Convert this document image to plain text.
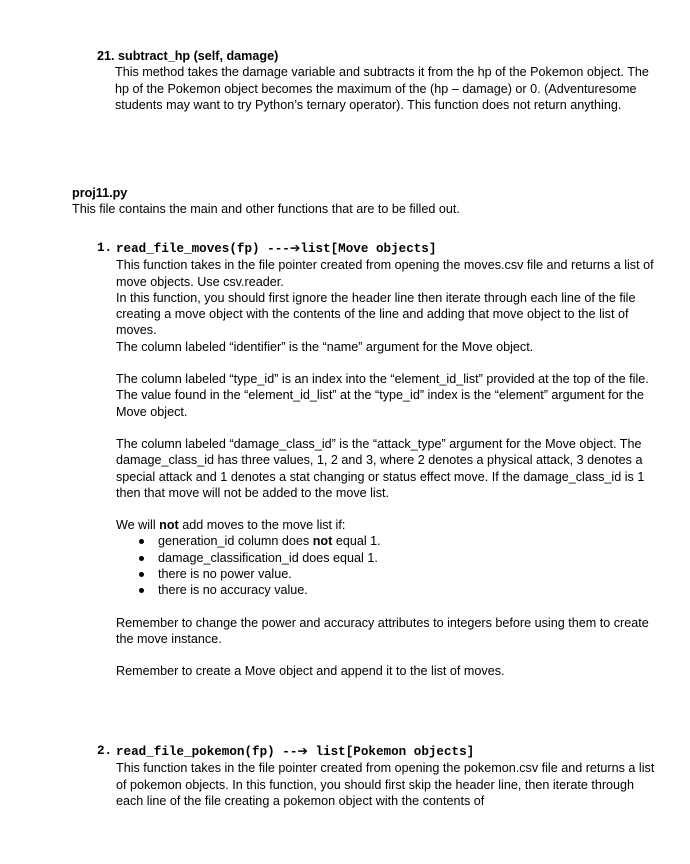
21. subtract_hp (self, damage)

This method takes the damage variable and subtracts it from the hp of the Pokemon object. The hp of the Pokemon object becomes the maximum of the (hp – damage) or 0. (Adventuresome students may want to try Python’s ternary operator). This function does not return anything.

proj11.py
This file contains the main and other functions that are to be filled out.
1. read_file_moves(fp) ---➔list[Move objects]

This function takes in the file pointer created from opening the moves.csv file and returns a list of move objects. Use csv.reader.

In this function, you should first ignore the header line then iterate through each line of the file creating a move object with the contents of the line and adding that move object to the list of moves.

The column labeled “identifier” is the “name” argument for the Move object.

The column labeled “type_id” is an index into the “element_id_list” provided at the top of the file. The value found in the “element_id_list” at the “type_id” index is the “element” argument for the Move object.

The column labeled “damage_class_id” is the “attack_type” argument for the Move object. The damage_class_id has three values, 1, 2 and 3, where 2 denotes a physical attack, 3 denotes a special attack and 1 denotes a stat changing or status effect move. If the damage_class_id is 1 then that move will not be added to the move list.

We will not add moves to the move list if:

generation_id column does not equal 1.
damage_classification_id does equal 1.
there is no power value.
there is no accuracy value.

Remember to change the power and accuracy attributes to integers before using them to create the move instance.

Remember to create a Move object and append it to the list of moves.

2. read_file_pokemon(fp) --➔ list[Pokemon objects]

This function takes in the file pointer created from opening the pokemon.csv file and returns a list of pokemon objects. In this function, you should first skip the header line, then iterate through each line of the file creating a pokemon object with the contents of
